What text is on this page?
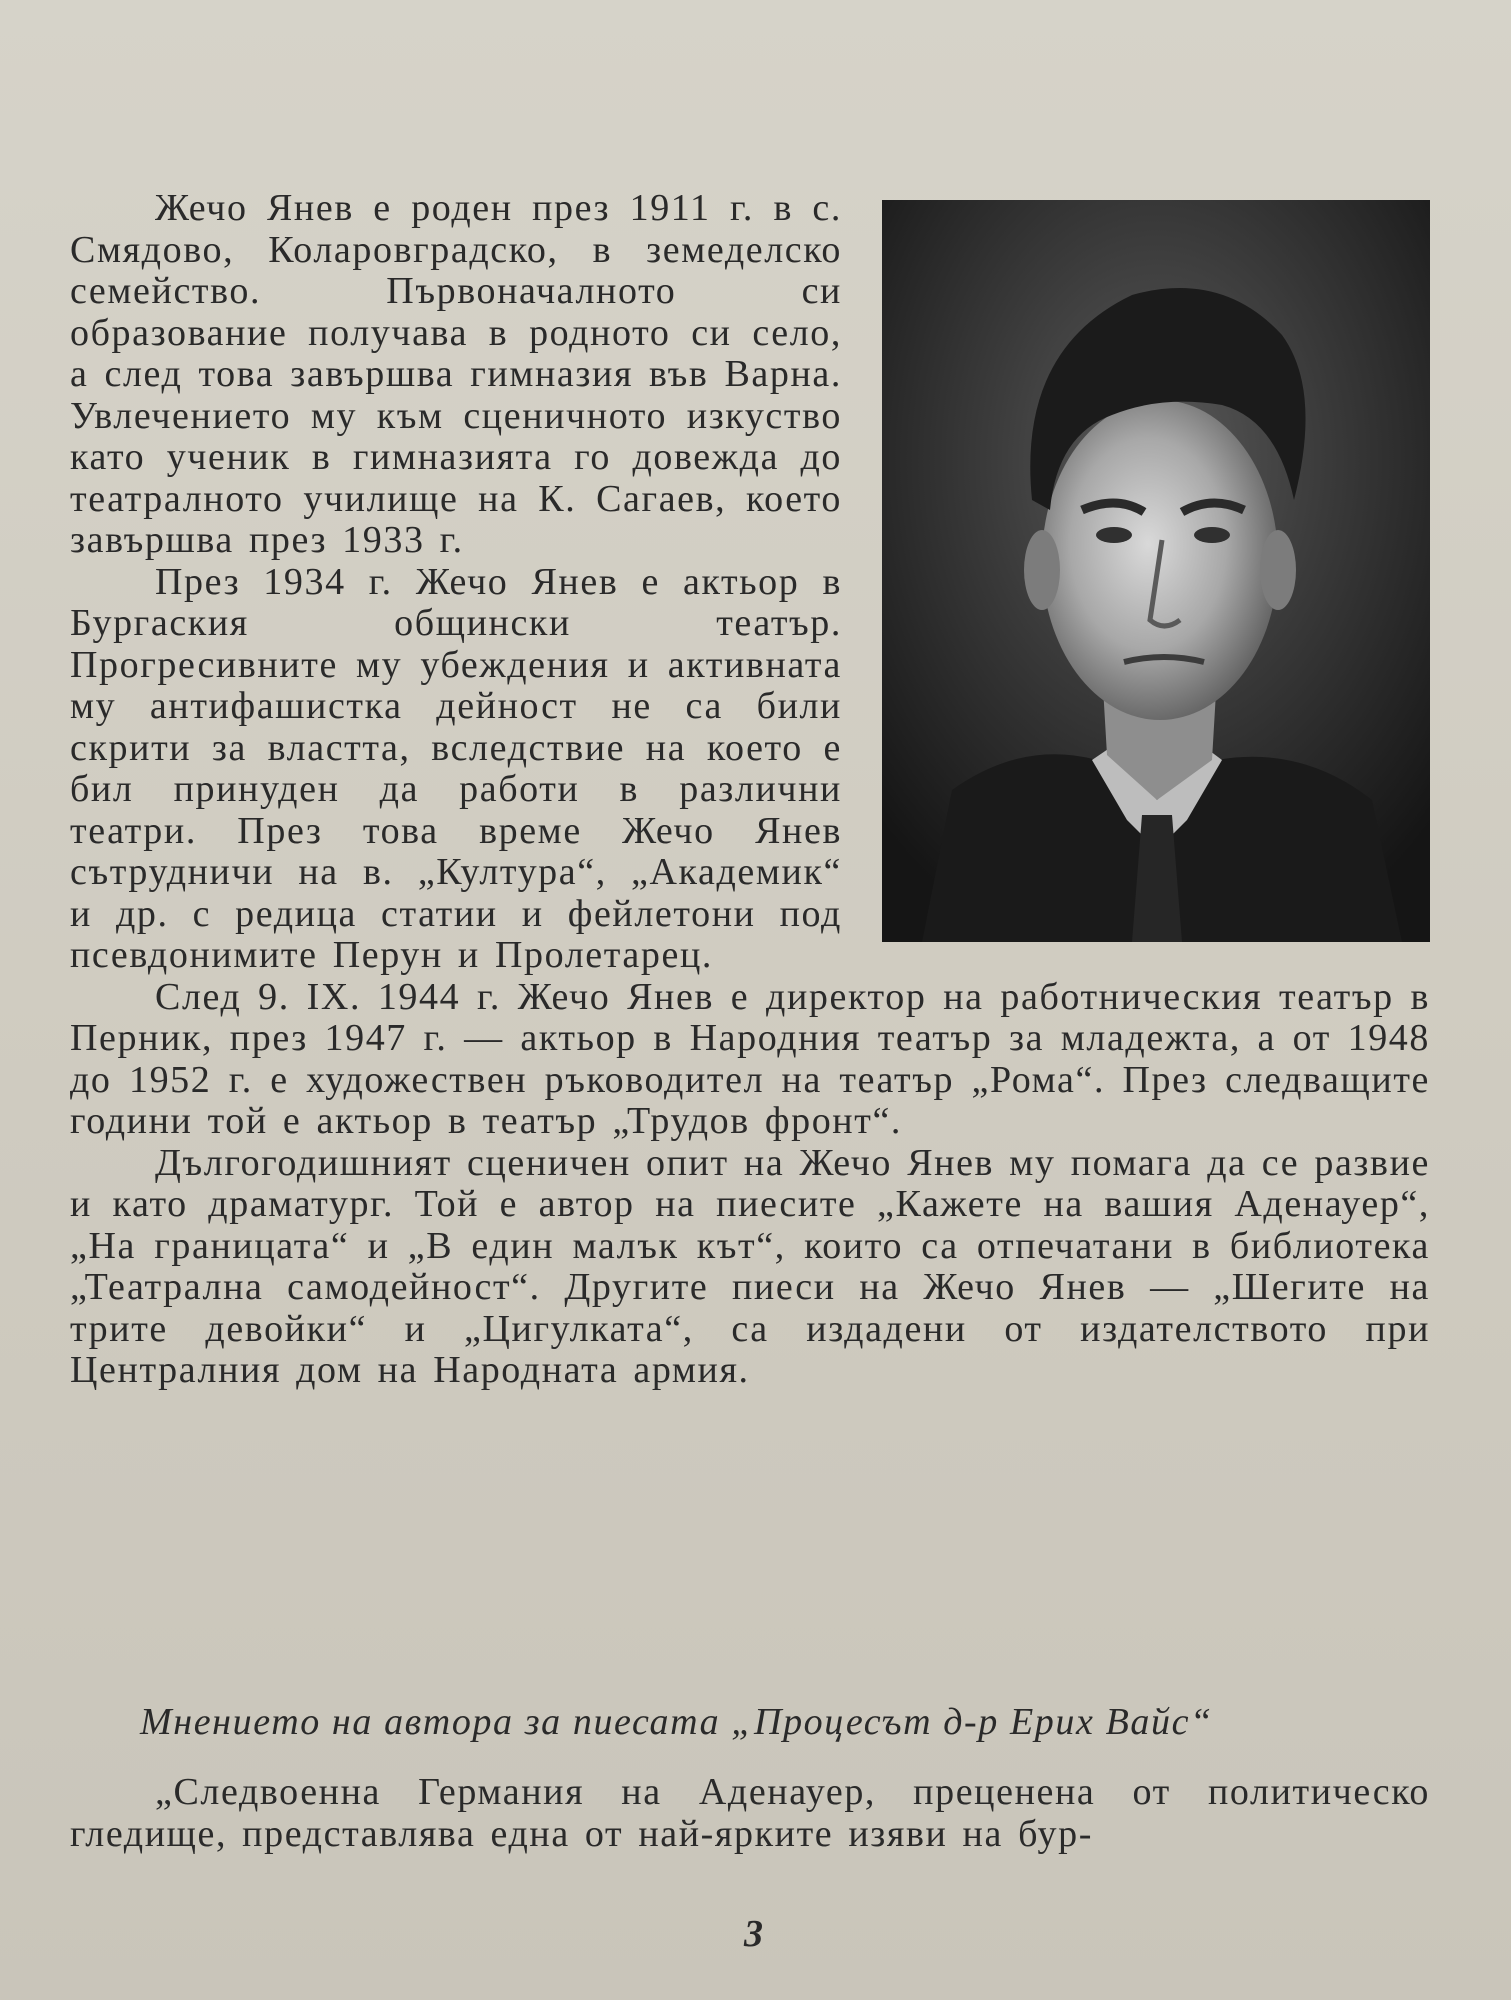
Жечо Янев е роден през 1911 г. в с. Смядово, Коларовградско, в земеделско семейство. Първоначалното си образование получава в родното си село, а след това завършва гимназия във Варна. Увлечението му към сценичното изкуство като ученик в гимназията го довежда до театралното училище на К. Сагаев, което завършва през 1933 г.

През 1934 г. Жечо Янев е актьор в Бургаския общински театър. Прогресивните му убеждения и активната му антифашистка дейност не са били скрити за властта, вследствие на което е бил принуден да работи в различни театри. През това време Жечо Янев сътрудничи на в. „Култура“, „Академик“ и др. с редица статии и фейлетони под псевдонимите Перун и Пролетарец.

След 9. IX. 1944 г. Жечо Янев е директор на работническия театър в Перник, през 1947 г. — актьор в Народния театър за младежта, а от 1948 до 1952 г. е художествен ръководител на театър „Рома“. През следващите години той е актьор в театър „Трудов фронт“.

Дългогодишният сценичен опит на Жечо Янев му помага да се развие и като драматург. Той е автор на пиесите „Кажете на вашия Аденауер“, „На границата“ и „В един малък кът“, които са отпечатани в библиотека „Театрална самодейност“. Другите пиеси на Жечо Янев — „Шегите на трите девойки“ и „Цигулката“, са издадени от издателството при Централния дом на Народната армия.

Мнението на автора за пиесата „Процесът д-р Ерих Вайс“
„Следвоенна Германия на Аденауер, преценена от политическо гледище, представлява една от най-ярките изяви на бур-
3
